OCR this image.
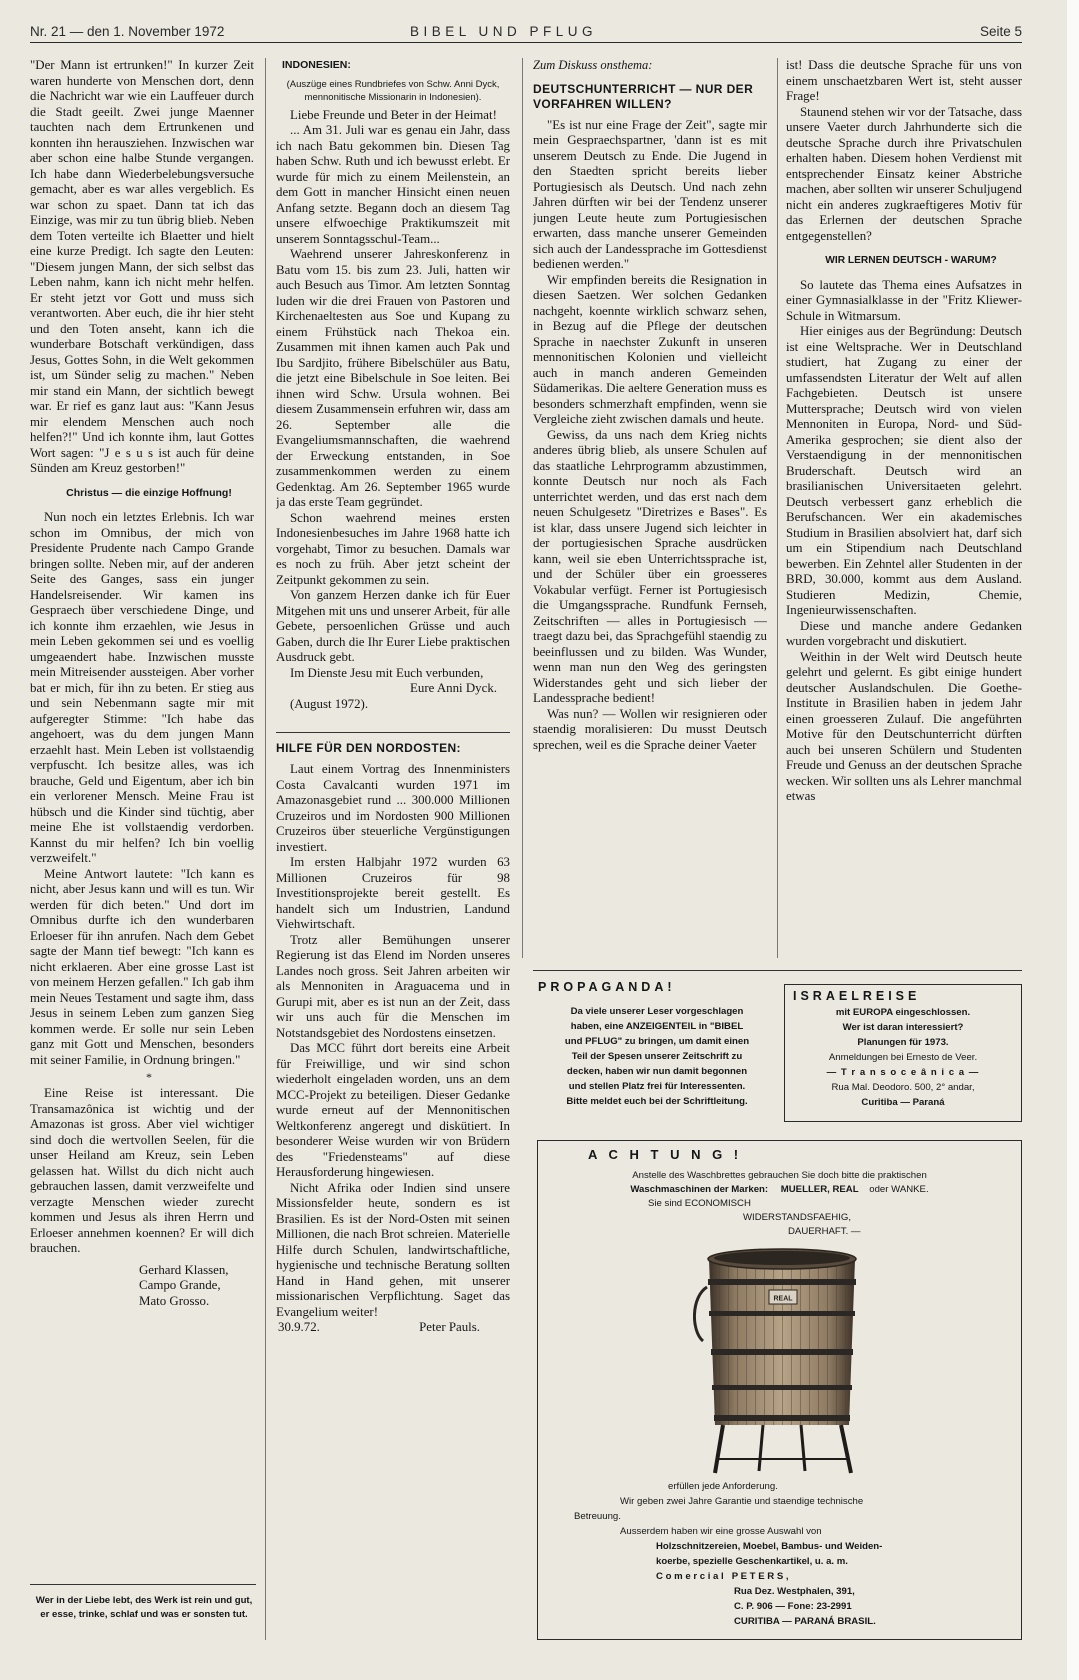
Nr. 21 — den 1. November 1972	BIBEL UND PFLUG	Seite 5

"Der Mann ist ertrunken!" In kurzer Zeit waren hunderte von Menschen dort, denn die Nachricht war wie ein Lauffeuer durch die Stadt geeilt. Zwei junge Maenner tauchten nach dem Ertrunkenen und konnten ihn herausziehen. Inzwischen war aber schon eine halbe Stunde vergangen. Ich habe dann Wiederbelebungsversuche gemacht, aber es war alles vergeblich. Es war schon zu spaet. Dann tat ich das Einzige, was mir zu tun übrig blieb. Neben dem Toten verteilte ich Blaetter und hielt eine kurze Predigt. Ich sagte den Leuten: "Diesem jungen Mann, der sich selbst das Leben nahm, kann ich nicht mehr helfen. Er steht jetzt vor Gott und muss sich verantworten. Aber euch, die ihr hier steht und den Toten anseht, kann ich die wunderbare Botschaft verkündigen, dass Jesus, Gottes Sohn, in die Welt gekommen ist, um Sünder selig zu machen." Neben mir stand ein Mann, der sichtlich bewegt war. Er rief es ganz laut aus: "Kann Jesus mir elendem Menschen auch noch helfen?!" Und ich konnte ihm, laut Gottes Wort sagen: "J e s u s ist auch für deine Sünden am Kreuz gestorben!"

Christus — die einzige Hoffnung!

Nun noch ein letztes Erlebnis. Ich war schon im Omnibus, der mich von Presidente Prudente nach Campo Grande bringen sollte. Neben mir, auf der anderen Seite des Ganges, sass ein junger Handelsreisender. Wir kamen ins Gespraech über verschiedene Dinge, und ich konnte ihm erzaehlen, wie Jesus in mein Leben gekommen sei und es voellig umgeaendert habe. Inzwischen musste mein Mitreisender aussteigen. Aber vorher bat er mich, für ihn zu beten. Er stieg aus und sein Nebenmann sagte mir mit aufgeregter Stimme: "Ich habe das angehoert, was du dem jungen Mann erzaehlt hast. Mein Leben ist vollstaendig verpfuscht. Ich besitze alles, was ich brauche, Geld und Eigentum, aber ich bin ein verlorener Mensch. Meine Frau ist hübsch und die Kinder sind tüchtig, aber meine Ehe ist vollstaendig verdorben. Kannst du mir helfen? Ich bin voellig verzweifelt."

Meine Antwort lautete: "Ich kann es nicht, aber Jesus kann und will es tun. Wir werden für dich beten." Und dort im Omnibus durfte ich den wunderbaren Erloeser für ihn anrufen. Nach dem Gebet sagte der Mann tief bewegt: "Ich kann es nicht erklaeren. Aber eine grosse Last ist von meinem Herzen gefallen." Ich gab ihm mein Neues Testament und sagte ihm, dass Jesus in seinem Leben zum ganzen Sieg kommen werde. Er solle nur sein Leben ganz mit Gott und Menschen, besonders mit seiner Familie, in Ordnung bringen."

*

Eine Reise ist interessant. Die Transamazônica ist wichtig und der Amazonas ist gross. Aber viel wichtiger sind doch die wertvollen Seelen, für die unser Heiland am Kreuz, sein Leben gelassen hat. Willst du dich nicht auch gebrauchen lassen, damit verzweifelte und verzagte Menschen wieder zurecht kommen und Jesus als ihren Herrn und Erloeser annehmen koennen? Er will dich brauchen.

Gerhard Klassen,

Campo Grande,

Mato Grosso.

Wer in der Liebe lebt, des Werk ist rein und gut, er esse, trinke, schlaf und was er sonsten tut.

INDONESIEN:

(Auszüge eines Rundbriefes von Schw. Anni Dyck, mennonitische Missionarin in Indonesien).

Liebe Freunde und Beter in der Heimat!

... Am 31. Juli war es genau ein Jahr, dass ich nach Batu gekommen bin. Diesen Tag haben Schw. Ruth und ich bewusst erlebt. Er wurde für mich zu einem Meilenstein, an dem Gott in mancher Hinsicht einen neuen Anfang setzte. Begann doch an diesem Tag unsere elfwoechige Praktikumszeit mit unserem Sonntagsschul-Team...

Waehrend unserer Jahreskonferenz in Batu vom 15. bis zum 23. Juli, hatten wir auch Besuch aus Timor. Am letzten Sonntag luden wir die drei Frauen von Pastoren und Kirchenaeltesten aus Soe und Kupang zu einem Frühstück nach Thekoa ein. Zusammen mit ihnen kamen auch Pak und Ibu Sardjito, frühere Bibelschüler aus Batu, die jetzt eine Bibelschule in Soe leiten. Bei ihnen wird Schw. Ursula wohnen. Bei diesem Zusammensein erfuhren wir, dass am 26. September alle die Evangeliumsmannschaften, die waehrend der Erweckung entstanden, in Soe zusammenkommen werden zu einem Gedenktag. Am 26. September 1965 wurde ja das erste Team gegründet.

Schon waehrend meines ersten Indonesienbesuches im Jahre 1968 hatte ich vorgehabt, Timor zu besuchen. Damals war es noch zu früh. Aber jetzt scheint der Zeitpunkt gekommen zu sein.

Von ganzem Herzen danke ich für Euer Mitgehen mit uns und unserer Arbeit, für alle Gebete, persoenlichen Grüsse und auch Gaben, durch die Ihr Eurer Liebe praktischen Ausdruck gebt.

Im Dienste Jesu mit Euch verbunden,

Eure Anni Dyck.

(August 1972).

HILFE FÜR DEN NORDOSTEN:

Laut einem Vortrag des Innenministers Costa Cavalcanti wurden 1971 im Amazonasgebiet rund ... 300.000 Millionen Cruzeiros und im Nordosten 900 Millionen Cruzeiros über steuerliche Vergünstigungen investiert.

Im ersten Halbjahr 1972 wurden 63 Millionen Cruzeiros für 98 Investitionsprojekte bereit gestellt. Es handelt sich um Industrien, Landund Viehwirtschaft.

Trotz aller Bemühungen unserer Regierung ist das Elend im Norden unseres Landes noch gross. Seit Jahren arbeiten wir als Mennoniten in Araguacema und in Gurupi mit, aber es ist nun an der Zeit, dass wir uns auch für die Menschen im Notstandsgebiet des Nordostens einsetzen.

Das MCC führt dort bereits eine Arbeit für Freiwillige, und wir sind schon wiederholt eingeladen worden, uns an dem MCC-Projekt zu beteiligen. Dieser Gedanke wurde erneut auf der Mennonitischen Weltkonferenz angeregt und diskütiert. In besonderer Weise wurden wir von Brüdern des "Friedensteams" auf diese Herausforderung hingewiesen.

Nicht Afrika oder Indien sind unsere Missionsfelder heute, sondern es ist Brasilien. Es ist der Nord-Osten mit seinen Millionen, die nach Brot schreien. Materielle Hilfe durch Schulen, landwirtschaftliche, hygienische und technische Beratung sollten Hand in Hand gehen, mit unserer missionarischen Verpflichtung. Saget das Evangelium weiter!

30.9.72.	Peter Pauls.

Zum Diskuss onsthema:

DEUTSCHUNTERRICHT — NUR DER VORFAHREN WILLEN?

"Es ist nur eine Frage der Zeit", sagte mir mein Gespraechspartner, 'dann ist es mit unserem Deutsch zu Ende. Die Jugend in den Staedten spricht bereits lieber Portugiesisch als Deutsch. Und nach zehn Jahren dürften wir bei der Tendenz unserer jungen Leute heute zum Portugiesischen erwarten, dass manche unserer Gemeinden sich auch der Landessprache im Gottesdienst bedienen werden."

Wir empfinden bereits die Resignation in diesen Saetzen. Wer solchen Gedanken nachgeht, koennte wirklich schwarz sehen, in Bezug auf die Pflege der deutschen Sprache in naechster Zukunft in unseren mennonitischen Kolonien und vielleicht auch in manch anderen Gemeinden Südamerikas. Die aeltere Generation muss es besonders schmerzhaft empfinden, wenn sie Vergleiche zieht zwischen damals und heute.

Gewiss, da uns nach dem Krieg nichts anderes übrig blieb, als unsere Schulen auf das staatliche Lehrprogramm abzustimmen, konnte Deutsch nur noch als Fach unterrichtet werden, und das erst nach dem neuen Schulgesetz "Diretrizes e Bases". Es ist klar, dass unsere Jugend sich leichter in der portugiesischen Sprache ausdrücken kann, weil sie eben Unterrichtssprache ist, und der Schüler über ein groesseres Vokabular verfügt. Ferner ist Portugiesisch die Umgangssprache. Rundfunk Fernseh, Zeitschriften — alles in Portugiesisch — traegt dazu bei, das Sprachgefühl staendig zu beeinflussen und zu bilden. Was Wunder, wenn man nun den Weg des geringsten Widerstandes geht und sich lieber der Landessprache bedient!

Was nun? — Wollen wir resignieren oder staendig moralisieren: Du musst Deutsch sprechen, weil es die Sprache deiner Vaeter

ist! Dass die deutsche Sprache für uns von einem unschaetzbaren Wert ist, steht ausser Frage!

Staunend stehen wir vor der Tatsache, dass unsere Vaeter durch Jahrhunderte sich die deutsche Sprache durch ihre Privatschulen erhalten haben. Diesem hohen Verdienst mit entsprechender Einsatz keiner Abstriche machen, aber sollten wir unserer Schuljugend nicht ein anderes zugkraeftigeres Motiv für das Erlernen der deutschen Sprache entgegenstellen?

WIR LERNEN DEUTSCH - WARUM?

So lautete das Thema eines Aufsatzes in einer Gymnasialklasse in der "Fritz Kliewer-Schule in Witmarsum.

Hier einiges aus der Begründung: Deutsch ist eine Weltsprache. Wer in Deutschland studiert, hat Zugang zu einer der umfassendsten Literatur der Welt auf allen Fachgebieten. Deutsch ist unsere Muttersprache; Deutsch wird von vielen Mennoniten in Europa, Nord- und Süd-Amerika gesprochen; sie dient also der Verstaendigung in der mennonitischen Bruderschaft. Deutsch wird an brasilianischen Universitaeten gelehrt. Deutsch verbessert ganz erheblich die Berufschancen. Wer ein akademisches Studium in Brasilien absolviert hat, darf sich um ein Stipendium nach Deutschland bewerben. Ein Zehntel aller Studenten in der BRD, 30.000, kommt aus dem Ausland. Studieren Medizin, Chemie, Ingenieurwissenschaften.

Diese und manche andere Gedanken wurden vorgebracht und diskutiert.

Weithin in der Welt wird Deutsch heute gelehrt und gelernt. Es gibt einige hundert deutscher Auslandschulen. Die Goethe-Institute in Brasilien haben in jedem Jahr einen groesseren Zulauf. Die angeführten Motive für den Deutschunterricht dürften auch bei unseren Schülern und Studenten Freude und Genuss an der deutschen Sprache wecken. Wir sollten uns als Lehrer manchmal etwas

PROPAGANDA!
Da viele unserer Leser vorgeschlagen
haben, eine ANZEIGENTEIL in "BIBEL
und PFLUG" zu bringen, um damit einen
Teil der Spesen unserer Zeitschrift zu
decken, haben wir nun damit begonnen
und stellen Platz frei für Interessenten.
Bitte meldet euch bei der Schriftleitung.
ISRAELREISE
mit EUROPA eingeschlossen.
Wer ist daran interessiert?
Planungen für 1973.
Anmeldungen bei Ernesto de Veer.
— T r a n s o c e â n i c a —
Rua Mal. Deodoro. 500, 2° andar,
Curitiba — Paraná
A C H T U N G !
Anstelle des Waschbrettes gebrauchen Sie doch bitte die praktischen
Waschmaschinen der Marken: MUELLER, REAL oder WANKE.
Sie sind ECONOMISCH
WIDERSTANDSFAEHIG,
DAUERHAFT. —
erfüllen jede Anforderung.
Wir geben zwei Jahre Garantie und staendige technische
Betreuung.
Ausserdem haben wir eine grosse Auswahl von
Holzschnitzereien, Moebel, Bambus- und Weiden-
koerbe, spezielle Geschenkartikel, u. a. m.
C o m e r c i a l   P E T E R S ,
Rua Dez. Westphalen, 391,
C. P. 906 — Fone: 23-2991
CURITIBA — PARANÁ BRASIL.
REAL
